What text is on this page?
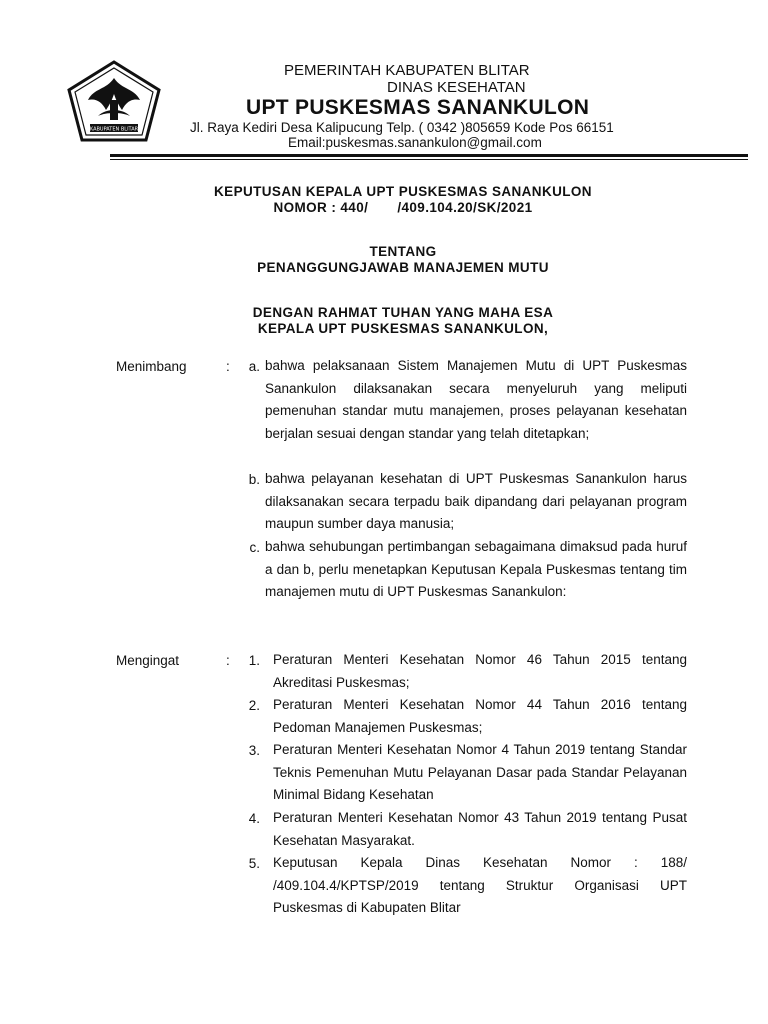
KABUPATEN BLITAR
PEMERINTAH KABUPATEN BLITAR
DINAS KESEHATAN
UPT PUSKESMAS SANANKULON
Jl. Raya Kediri Desa Kalipucung Telp. ( 0342 )805659 Kode Pos 66151
Email:puskesmas.sanankulon@gmail.com
KEPUTUSAN KEPALA UPT PUSKESMAS SANANKULON
NOMOR : 440/       /409.104.20/SK/2021
TENTANG
PENANGGUNGJAWAB MANAJEMEN MUTU
DENGAN RAHMAT TUHAN YANG MAHA ESA
KEPALA UPT PUSKESMAS SANANKULON,
Menimbang	:	a. bahwa pelaksanaan Sistem Manajemen Mutu di UPT Puskesmas Sanankulon dilaksanakan secara menyeluruh yang meliputi pemenuhan standar mutu manajemen, proses pelayanan kesehatan berjalan sesuai dengan standar yang telah ditetapkan;
b. bahwa pelayanan kesehatan di UPT Puskesmas Sanankulon harus dilaksanakan secara terpadu baik dipandang dari pelayanan program maupun sumber daya manusia;
c. bahwa sehubungan pertimbangan sebagaimana dimaksud pada huruf a dan b, perlu menetapkan Keputusan Kepala Puskesmas tentang tim manajemen mutu di UPT Puskesmas Sanankulon:
Mengingat	:	1. Peraturan Menteri Kesehatan Nomor 46 Tahun 2015 tentang Akreditasi Puskesmas;
2. Peraturan Menteri Kesehatan Nomor 44 Tahun 2016 tentang Pedoman Manajemen Puskesmas;
3. Peraturan Menteri Kesehatan Nomor 4 Tahun 2019 tentang Standar Teknis Pemenuhan Mutu Pelayanan Dasar pada Standar Pelayanan Minimal Bidang Kesehatan
4. Peraturan Menteri Kesehatan Nomor 43 Tahun 2019 tentang Pusat Kesehatan Masyarakat.
5. Keputusan Kepala Dinas Kesehatan Nomor : 188/ /409.104.4/KPTSP/2019 tentang Struktur Organisasi UPT Puskesmas di Kabupaten Blitar
